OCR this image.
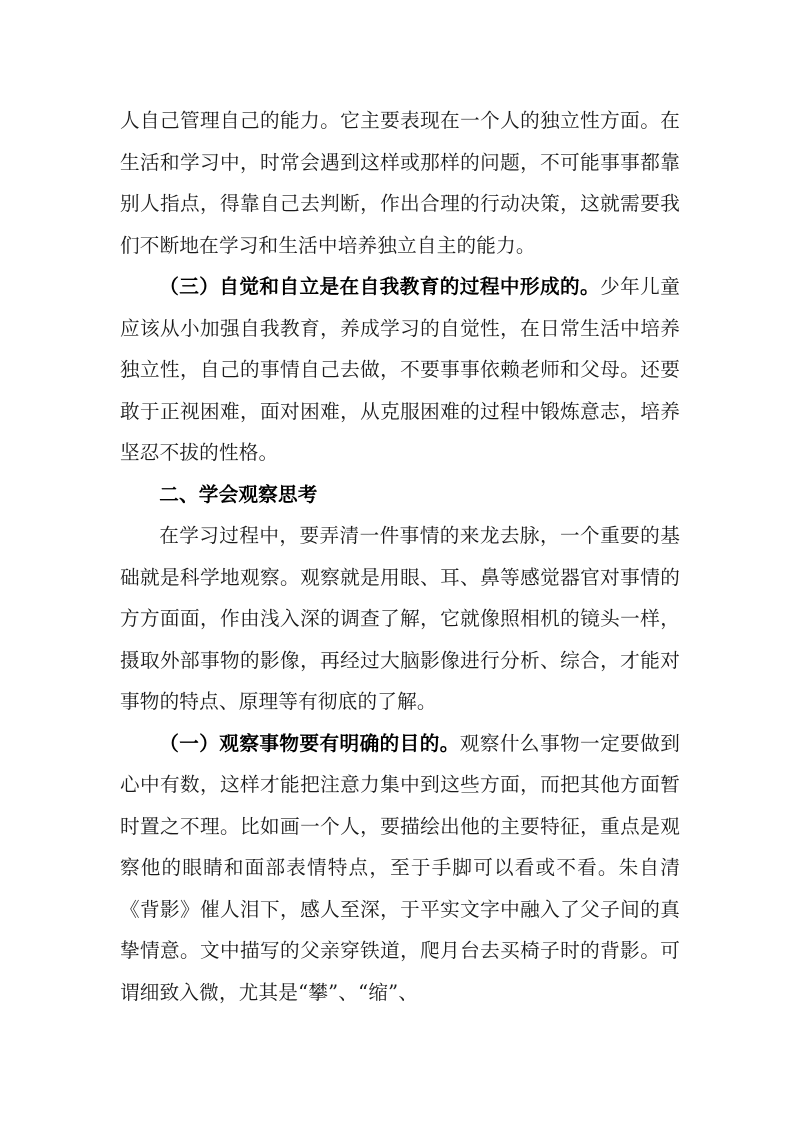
人自己管理自己的能力。它主要表现在一个人的独立性方面。在生活和学习中，时常会遇到这样或那样的问题，不可能事事都靠别人指点，得靠自己去判断，作出合理的行动决策，这就需要我们不断地在学习和生活中培养独立自主的能力。

（三）自觉和自立是在自我教育的过程中形成的。少年儿童应该从小加强自我教育，养成学习的自觉性，在日常生活中培养独立性，自己的事情自己去做，不要事事依赖老师和父母。还要敢于正视困难，面对困难，从克服困难的过程中锻炼意志，培养坚忍不拔的性格。

二、学会观察思考

在学习过程中，要弄清一件事情的来龙去脉，一个重要的基础就是科学地观察。观察就是用眼、耳、鼻等感觉器官对事情的方方面面，作由浅入深的调查了解，它就像照相机的镜头一样，摄取外部事物的影像，再经过大脑影像进行分析、综合，才能对事物的特点、原理等有彻底的了解。

（一）观察事物要有明确的目的。观察什么事物一定要做到心中有数，这样才能把注意力集中到这些方面，而把其他方面暂时置之不理。比如画一个人，要描绘出他的主要特征，重点是观察他的眼睛和面部表情特点，至于手脚可以看或不看。朱自清《背影》催人泪下，感人至深，于平实文字中融入了父子间的真挚情意。文中描写的父亲穿铁道，爬月台去买椅子时的背影。可谓细致入微，尤其是“攀”、“缩”、
